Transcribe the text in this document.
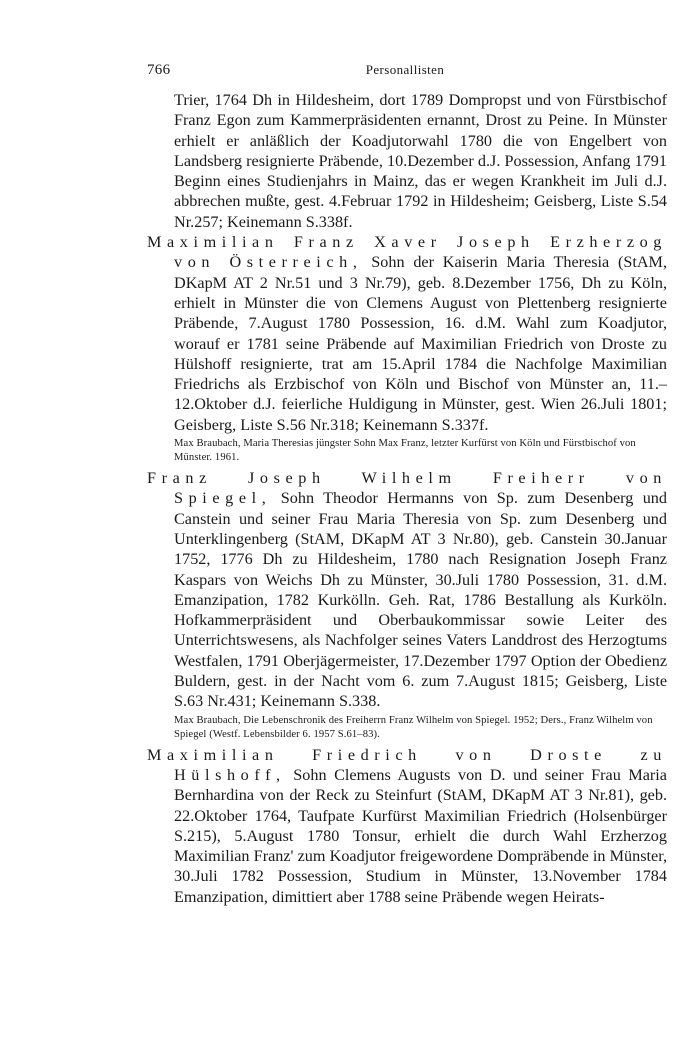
766	Personallisten

Trier, 1764 Dh in Hildesheim, dort 1789 Dompropst und von Fürstbischof Franz Egon zum Kammerpräsidenten ernannt, Drost zu Peine. In Münster erhielt er anläßlich der Koadjutorwahl 1780 die von Engelbert von Landsberg resignierte Präbende, 10.Dezember d.J. Possession, Anfang 1791 Beginn eines Studienjahrs in Mainz, das er wegen Krankheit im Juli d.J. abbrechen mußte, gest. 4.Februar 1792 in Hildesheim; Geisberg, Liste S.54 Nr.257; Keinemann S.338f.

Maximilian Franz Xaver Joseph Erzherzog von Österreich, Sohn der Kaiserin Maria Theresia (StAM, DKapM AT 2 Nr.51 und 3 Nr.79), geb. 8.Dezember 1756, Dh zu Köln, erhielt in Münster die von Clemens August von Plettenberg resignierte Präbende, 7.August 1780 Possession, 16. d.M. Wahl zum Koadjutor, worauf er 1781 seine Präbende auf Maximilian Friedrich von Droste zu Hülshoff resignierte, trat am 15.April 1784 die Nachfolge Maximilian Friedrichs als Erzbischof von Köln und Bischof von Münster an, 11.–12.Oktober d.J. feierliche Huldigung in Münster, gest. Wien 26.Juli 1801; Geisberg, Liste S.56 Nr.318; Keinemann S.337f.

Max Braubach, Maria Theresias jüngster Sohn Max Franz, letzter Kurfürst von Köln und Fürstbischof von Münster. 1961.

Franz Joseph Wilhelm Freiherr von Spiegel, Sohn Theodor Hermanns von Sp. zum Desenberg und Canstein und seiner Frau Maria Theresia von Sp. zum Desenberg und Unterklingenberg (StAM, DKapM AT 3 Nr.80), geb. Canstein 30.Januar 1752, 1776 Dh zu Hildesheim, 1780 nach Resignation Joseph Franz Kaspars von Weichs Dh zu Münster, 30.Juli 1780 Possession, 31. d.M. Emanzipation, 1782 Kurkölln. Geh. Rat, 1786 Bestallung als Kurköln. Hofkammerpräsident und Oberbaukommissar sowie Leiter des Unterrichtswesens, als Nachfolger seines Vaters Landdrost des Herzogtums Westfalen, 1791 Oberjägermeister, 17.Dezember 1797 Option der Obedienz Buldern, gest. in der Nacht vom 6. zum 7.August 1815; Geisberg, Liste S.63 Nr.431; Keinemann S.338.

Max Braubach, Die Lebenschronik des Freiherrn Franz Wilhelm von Spiegel. 1952; Ders., Franz Wilhelm von Spiegel (Westf. Lebensbilder 6. 1957 S.61–83).

Maximilian Friedrich von Droste zu Hülshoff, Sohn Clemens Augusts von D. und seiner Frau Maria Bernhardina von der Reck zu Steinfurt (StAM, DKapM AT 3 Nr.81), geb. 22.Oktober 1764, Taufpate Kurfürst Maximilian Friedrich (Holsenbürger S.215), 5.August 1780 Tonsur, erhielt die durch Wahl Erzherzog Maximilian Franz' zum Koadjutor freigewordene Dompräbende in Münster, 30.Juli 1782 Possession, Studium in Münster, 13.November 1784 Emanzipation, dimittiert aber 1788 seine Präbende wegen Heirats-
